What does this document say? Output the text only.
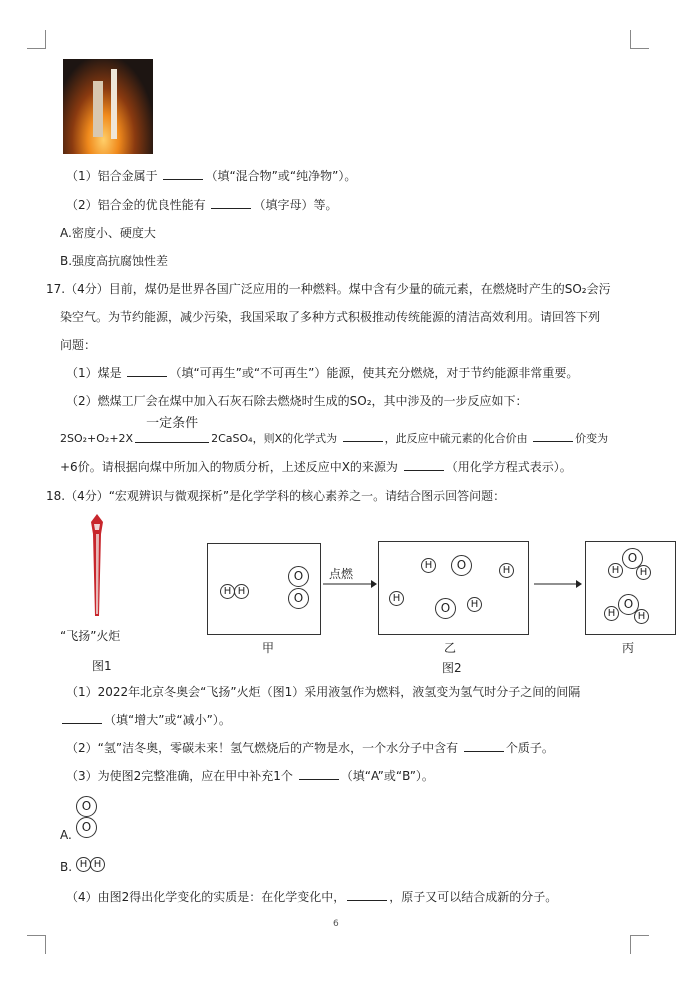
（1）铝合金属于	（填“混合物”或“纯净物”）。
（2）铝合金的优良性能有	（填字母）等。
A.密度小、硬度大
B.强度高抗腐蚀性差
17.（4分）目前，煤仍是世界各国广泛应用的一种燃料。煤中含有少量的硫元素，在燃烧时产生的SO₂会污
染空气。为节约能源，减少污染，我国采取了多种方式积极推动传统能源的清洁高效利用。请回答下列
问题：
（1）煤是	（填“可再生”或“不可再生”）能源，使其充分燃烧，对于节约能源非常重要。
（2）燃煤工厂会在煤中加入石灰石除去燃烧时生成的SO₂，其中涉及的一步反应如下：
2SO₂+O₂+2X
一定条件
2CaSO₄，则X的化学式为	，此反应中硫元素的化合价由	价变为
+6价。请根据向煤中所加入的物质分析，上述反应中X的来源为	（用化学方程式表示）。
18.（4分）“宏观辨识与微观探析”是化学学科的核心素养之一。请结合图示回答问题：
“飞扬”火炬
图1
H H
O
O
甲
点燃
H	O	H
H
O	H
乙
图2
O
H	H
O
H	H
丙
（1）2022年北京冬奥会“飞扬”火炬（图1）采用液氢作为燃料，液氢变为氢气时分子之间的间隔
（填“增大”或“减小”）。
（2）“氢”洁冬奥，零碳未来！氢气燃烧后的产物是水，一个水分子中含有	个质子。
（3）为使图2完整准确，应在甲中补充1个	（填“A”或“B”）。
A.
O
O
B. H H
（4）由图2得出化学变化的实质是：在化学变化中，	，原子又可以结合成新的分子。
6
